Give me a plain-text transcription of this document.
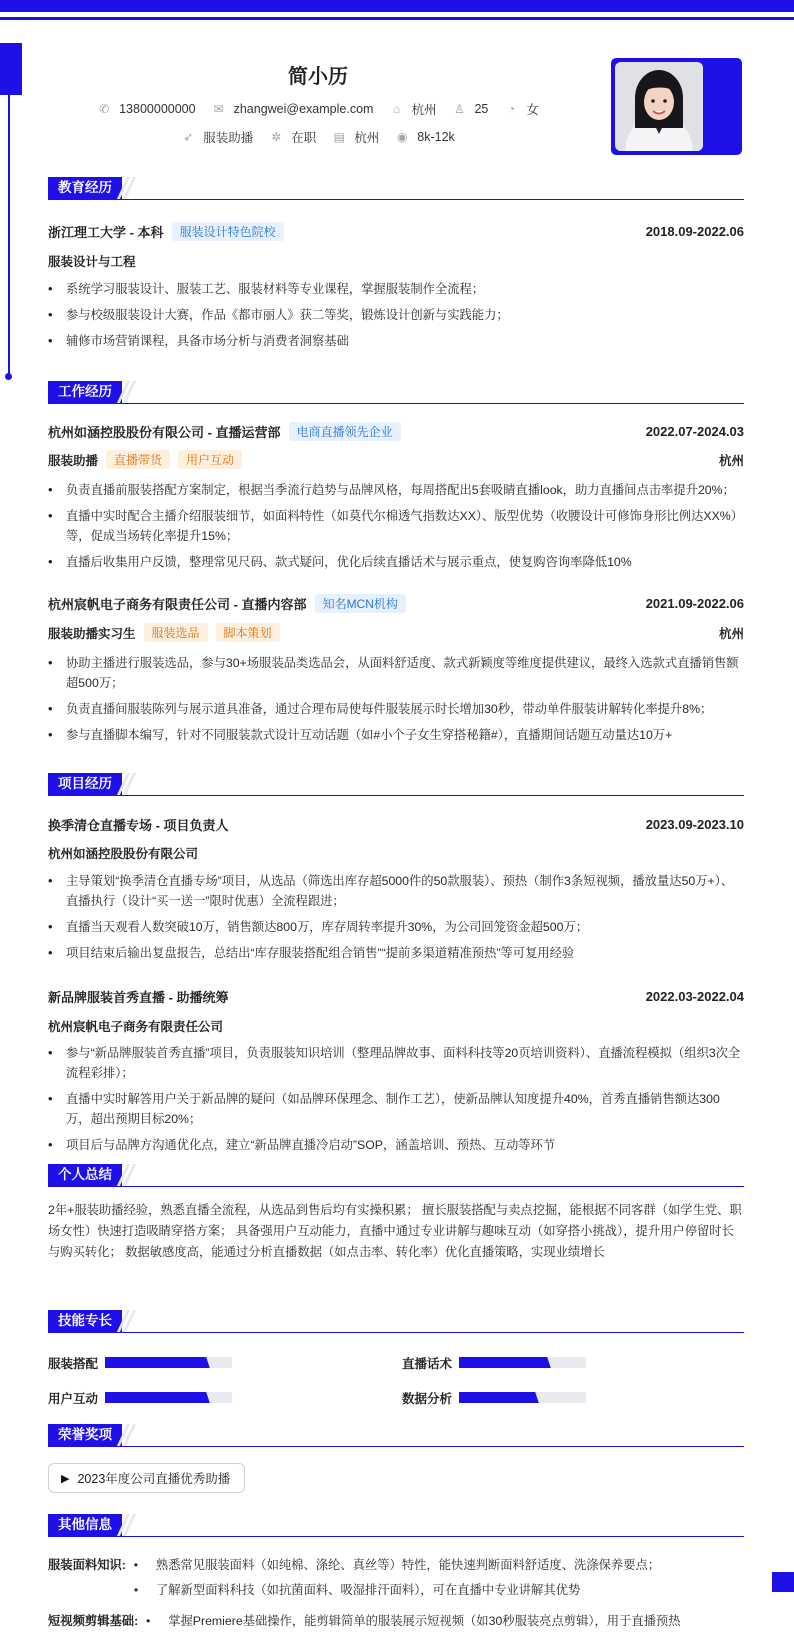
简小历
✆ 13800000000 ✉ zhangwei@example.com ⌂ 杭州 ♙ 25 ◔ 女
➶ 服装助播 ✲ 在职 ▤ 杭州 ◉ 8k-12k
教育经历
浙江理工大学 - 本科	服装设计特色院校	2018.09-2022.06
服装设计与工程
• 系统学习服装设计、服装工艺、服装材料等专业课程，掌握服装制作全流程；
• 参与校级服装设计大赛，作品《都市丽人》获二等奖，锻炼设计创新与实践能力；
• 辅修市场营销课程，具备市场分析与消费者洞察基础
工作经历
杭州如涵控股股份有限公司 - 直播运营部	电商直播领先企业	2022.07-2024.03
服装助播	直播带货	用户互动	杭州
• 负责直播前服装搭配方案制定，根据当季流行趋势与品牌风格，每周搭配出5套吸睛直播look，助力直播间点击率提升20%；
• 直播中实时配合主播介绍服装细节，如面料特性（如莫代尔棉透气指数达XX）、版型优势（收腰设计可修饰身形比例达XX%）等，促成当场转化率提升15%；
• 直播后收集用户反馈，整理常见尺码、款式疑问，优化后续直播话术与展示重点，使复购咨询率降低10%
杭州宸帆电子商务有限责任公司 - 直播内容部	知名MCN机构	2021.09-2022.06
服装助播实习生	服装选品	脚本策划	杭州
• 协助主播进行服装选品，参与30+场服装品类选品会，从面料舒适度、款式新颖度等维度提供建议，最终入选款式直播销售额超500万；
• 负责直播间服装陈列与展示道具准备，通过合理布局使每件服装展示时长增加30秒，带动单件服装讲解转化率提升8%；
• 参与直播脚本编写，针对不同服装款式设计互动话题（如#小个子女生穿搭秘籍#），直播期间话题互动量达10万+
项目经历
换季清仓直播专场 - 项目负责人	2023.09-2023.10
杭州如涵控股股份有限公司
• 主导策划“换季清仓直播专场”项目，从选品（筛选出库存超5000件的50款服装）、预热（制作3条短视频，播放量达50万+）、直播执行（设计“买一送一”限时优惠）全流程跟进；
• 直播当天观看人数突破10万，销售额达800万，库存周转率提升30%，为公司回笼资金超500万；
• 项目结束后输出复盘报告，总结出“库存服装搭配组合销售”“提前多渠道精准预热”等可复用经验
新品牌服装首秀直播 - 助播统筹	2022.03-2022.04
杭州宸帆电子商务有限责任公司
• 参与“新品牌服装首秀直播”项目，负责服装知识培训（整理品牌故事、面料科技等20页培训资料）、直播流程模拟（组织3次全流程彩排）；
• 直播中实时解答用户关于新品牌的疑问（如品牌环保理念、制作工艺），使新品牌认知度提升40%，首秀直播销售额达300万，超出预期目标20%；
• 项目后与品牌方沟通优化点，建立“新品牌直播冷启动”SOP，涵盖培训、预热、互动等环节
个人总结

2年+服装助播经验，熟悉直播全流程，从选品到售后均有实操积累； 擅长服装搭配与卖点挖掘，能根据不同客群（如学生党、职场女性）快速打造吸睛穿搭方案； 具备强用户互动能力，直播中通过专业讲解与趣味互动（如穿搭小挑战），提升用户停留时长与购买转化； 数据敏感度高，能通过分析直播数据（如点击率、转化率）优化直播策略，实现业绩增长

技能专长
服装搭配	直播话术
用户互动	数据分析
荣誉奖项
▶ 2023年度公司直播优秀助播
其他信息
服装面料知识: •	熟悉常见服装面料（如纯棉、涤纶、真丝等）特性，能快速判断面料舒适度、洗涤保养要点；
•	了解新型面料科技（如抗菌面料、吸湿排汗面料），可在直播中专业讲解其优势
短视频剪辑基础: •	掌握Premiere基础操作，能剪辑简单的服装展示短视频（如30秒服装亮点剪辑），用于直播预热
